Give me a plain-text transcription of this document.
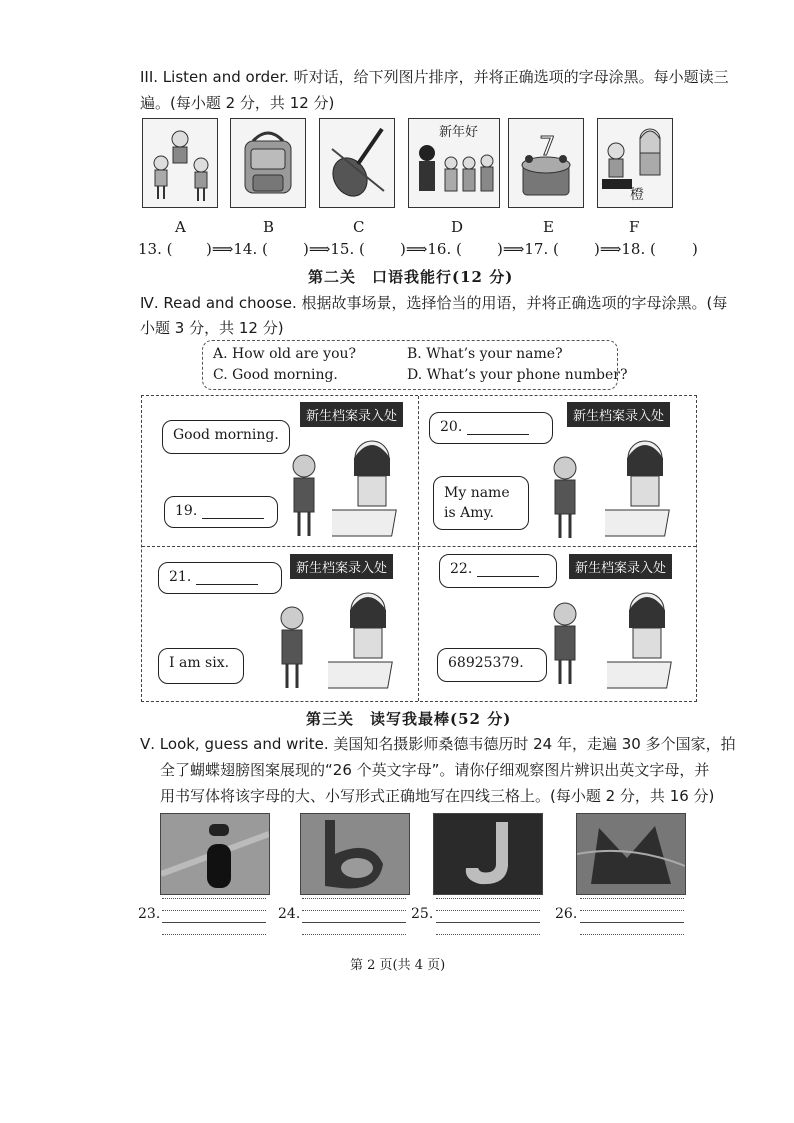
III. Listen and order. 听对话，给下列图片排序，并将正确选项的字母涂黑。每小题读三
遍。(每小题 2 分，共 12 分)
新年好 7
橙
A	B	C	D	E	F
13. ( )⟹14. ( )⟹15. ( )⟹16. ( )⟹17. ( )⟹18. ( )
第二关　口语我能行(12 分)
Ⅳ. Read and choose. 根据故事场景，选择恰当的用语，并将正确选项的字母涂黑。(每
小题 3 分，共 12 分)
A. How old are you?	B. What’s your name?
C. Good morning.	D. What’s your phone number?
新生档案录入处
Good morning.
19.
新生档案录入处
20.
My name is Amy.
新生档案录入处
21.
I am six.
新生档案录入处
22.
68925379.
第三关　读写我最棒(52 分)
Ⅴ. Look, guess and write. 美国知名摄影师桑德韦德历时 24 年，走遍 30 多个国家，拍
全了蝴蝶翅膀图案展现的“26 个英文字母”。请你仔细观察图片辨识出英文字母，并
用书写体将该字母的大、小写形式正确地写在四线三格上。(每小题 2 分，共 16 分)
23.	24.	25.	26.
第 2 页(共 4 页)
